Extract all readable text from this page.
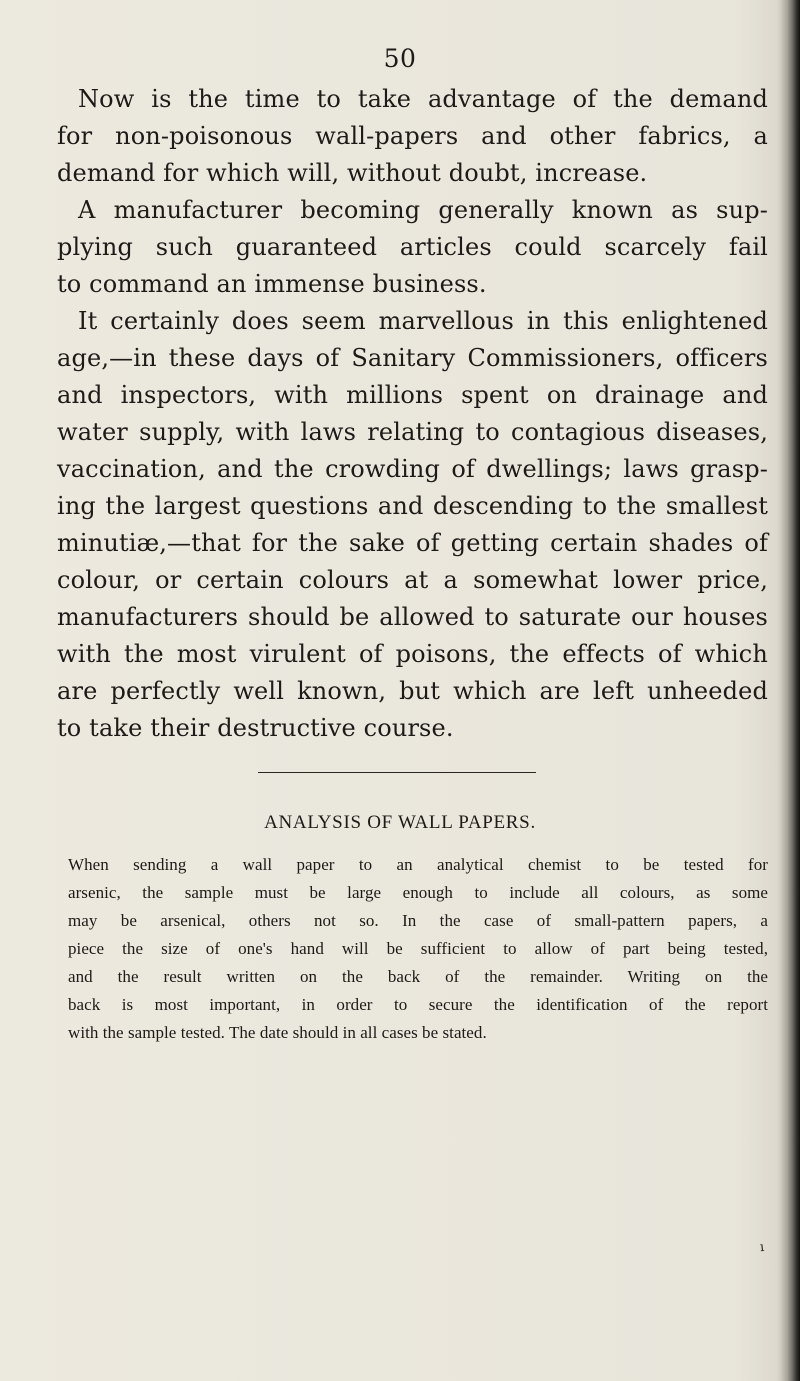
50
Now is the time to take advantage of the demand
for non-poisonous wall-papers and other fabrics, a
demand for which will, without doubt, increase.
A manufacturer becoming generally known as sup-
plying such guaranteed articles could scarcely fail
to command an immense business.
It certainly does seem marvellous in this enlightened
age,—in these days of Sanitary Commissioners, officers
and inspectors, with millions spent on drainage and
water supply, with laws relating to contagious diseases,
vaccination, and the crowding of dwellings; laws grasp-
ing the largest questions and descending to the smallest
minutiæ,—that for the sake of getting certain shades of
colour, or certain colours at a somewhat lower price,
manufacturers should be allowed to saturate our houses
with the most virulent of poisons, the effects of which
are perfectly well known, but which are left unheeded
to take their destructive course.
ANALYSIS OF WALL PAPERS.
When sending a wall paper to an analytical chemist to be tested for
arsenic, the sample must be large enough to include all colours, as some
may be arsenical, others not so. In the case of small-pattern papers, a
piece the size of one's hand will be sufficient to allow of part being tested,
and the result written on the back of the remainder. Writing on the
back is most important, in order to secure the identification of the report
with the sample tested. The date should in all cases be stated.
ı
